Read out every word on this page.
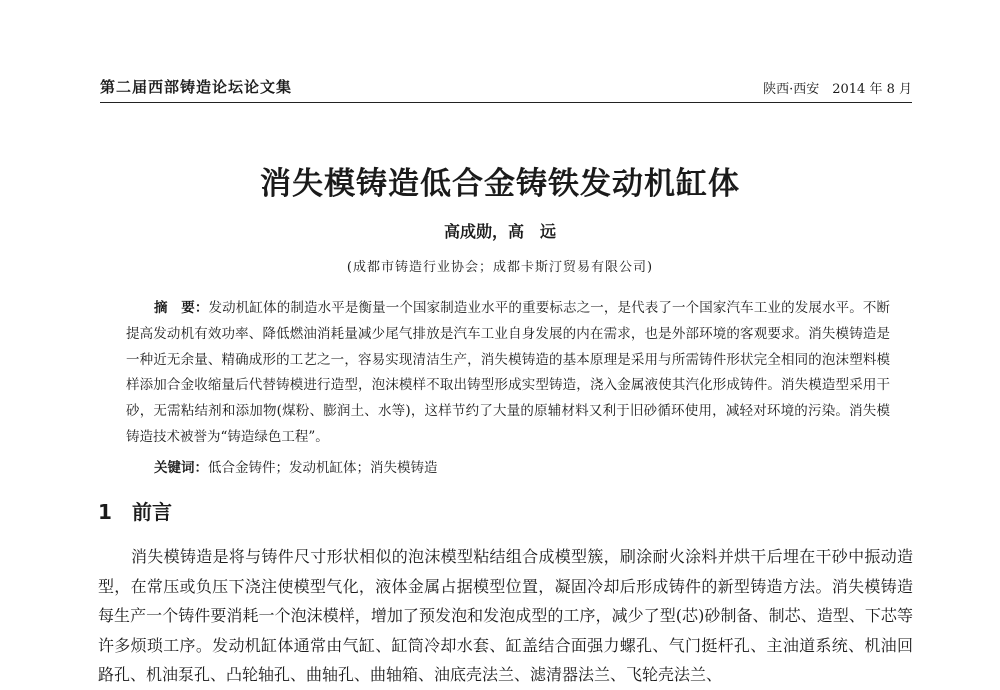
第二届西部铸造论坛论文集	陕西·西安　2014 年 8 月
消失模铸造低合金铸铁发动机缸体
高成勋，高　远
(成都市铸造行业协会；成都卡斯汀贸易有限公司)
摘　要：发动机缸体的制造水平是衡量一个国家制造业水平的重要标志之一，是代表了一个国家汽车工业的发展水平。不断提高发动机有效功率、降低燃油消耗量减少尾气排放是汽车工业自身发展的内在需求，也是外部环境的客观要求。消失模铸造是一种近无余量、精确成形的工艺之一，容易实现清洁生产，消失模铸造的基本原理是采用与所需铸件形状完全相同的泡沫塑料模样添加合金收缩量后代替铸模进行造型，泡沫模样不取出铸型形成实型铸造，浇入金属液使其汽化形成铸件。消失模造型采用干砂，无需粘结剂和添加物(煤粉、膨润土、水等)，这样节约了大量的原辅材料又利于旧砂循环使用，减轻对环境的污染。消失模铸造技术被誉为“铸造绿色工程”。
关键词：低合金铸件；发动机缸体；消失模铸造
1 前言
消失模铸造是将与铸件尺寸形状相似的泡沫模型粘结组合成模型簇，刷涂耐火涂料并烘干后埋在干砂中振动造型，在常压或负压下浇注使模型气化，液体金属占据模型位置，凝固冷却后形成铸件的新型铸造方法。消失模铸造每生产一个铸件要消耗一个泡沫模样，增加了预发泡和发泡成型的工序，减少了型(芯)砂制备、制芯、造型、下芯等许多烦琐工序。发动机缸体通常由气缸、缸筒冷却水套、缸盖结合面强力螺孔、气门挺杆孔、主油道系统、机油回路孔、机油泵孔、凸轮轴孔、曲轴孔、曲轴箱、油底壳法兰、滤清器法兰、飞轮壳法兰、
